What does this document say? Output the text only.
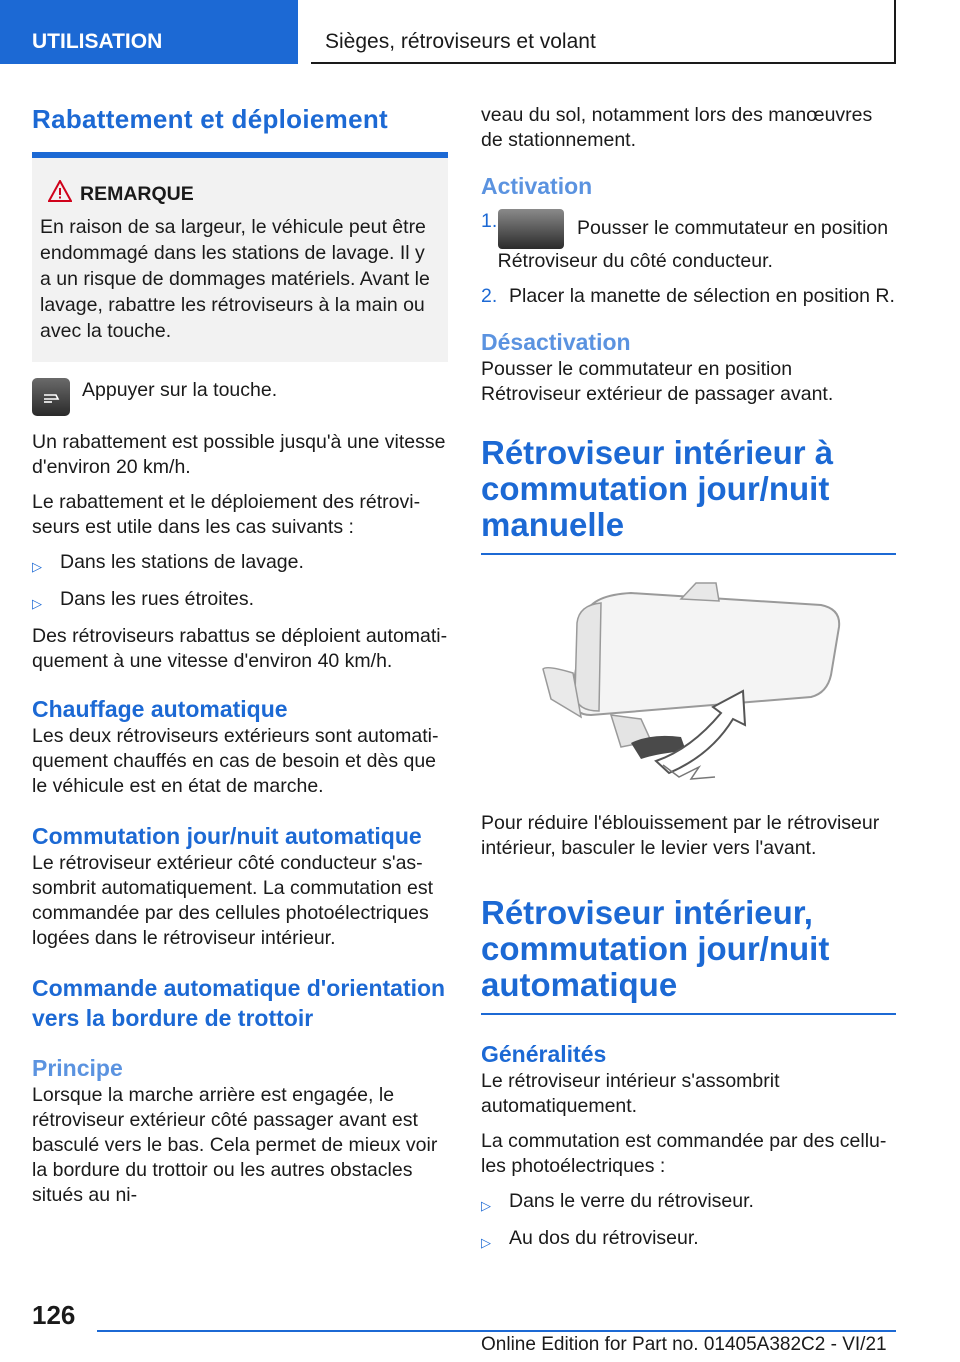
UTILISATION	Sièges, rétroviseurs et volant
Rabattement et déploiement
REMARQUE
En raison de sa largeur, le véhicule peut être endommagé dans les stations de lavage. Il y a un risque de dommages matériels. Avant le lavage, rabattre les rétroviseurs à la main ou avec la touche.
Appuyer sur la touche.
Un rabattement est possible jusqu'à une vitesse d'environ 20 km/h.
Le rabattement et le déploiement des rétroviseurs est utile dans les cas suivants :
▷ Dans les stations de lavage.
▷ Dans les rues étroites.
Des rétroviseurs rabattus se déploient automatiquement à une vitesse d'environ 40 km/h.
Chauffage automatique
Les deux rétroviseurs extérieurs sont automatiquement chauffés en cas de besoin et dès que le véhicule est en état de marche.
Commutation jour/nuit automatique
Le rétroviseur extérieur côté conducteur s'assombrit automatiquement. La commutation est commandée par des cellules photoélectriques logées dans le rétroviseur intérieur.
Commande automatique d'orientation vers la bordure de trottoir
Principe
Lorsque la marche arrière est engagée, le rétroviseur extérieur côté passager avant est basculé vers le bas. Cela permet de mieux voir la bordure du trottoir ou les autres obstacles situés au ni-
veau du sol, notamment lors des manœuvres de stationnement.
Activation
1.	Pousser le commutateur en position Rétroviseur du côté conducteur.
2. Placer la manette de sélection en position R.
Désactivation
Pousser le commutateur en position Rétroviseur extérieur de passager avant.
Rétroviseur intérieur à commutation jour/nuit manuelle
Pour réduire l'éblouissement par le rétroviseur intérieur, basculer le levier vers l'avant.
Rétroviseur intérieur, commutation jour/nuit automatique
Généralités
Le rétroviseur intérieur s'assombrit automatiquement.
La commutation est commandée par des cellules photoélectriques :
▷ Dans le verre du rétroviseur.
▷ Au dos du rétroviseur.
126
Online Edition for Part no. 01405A382C2 - VI/21
